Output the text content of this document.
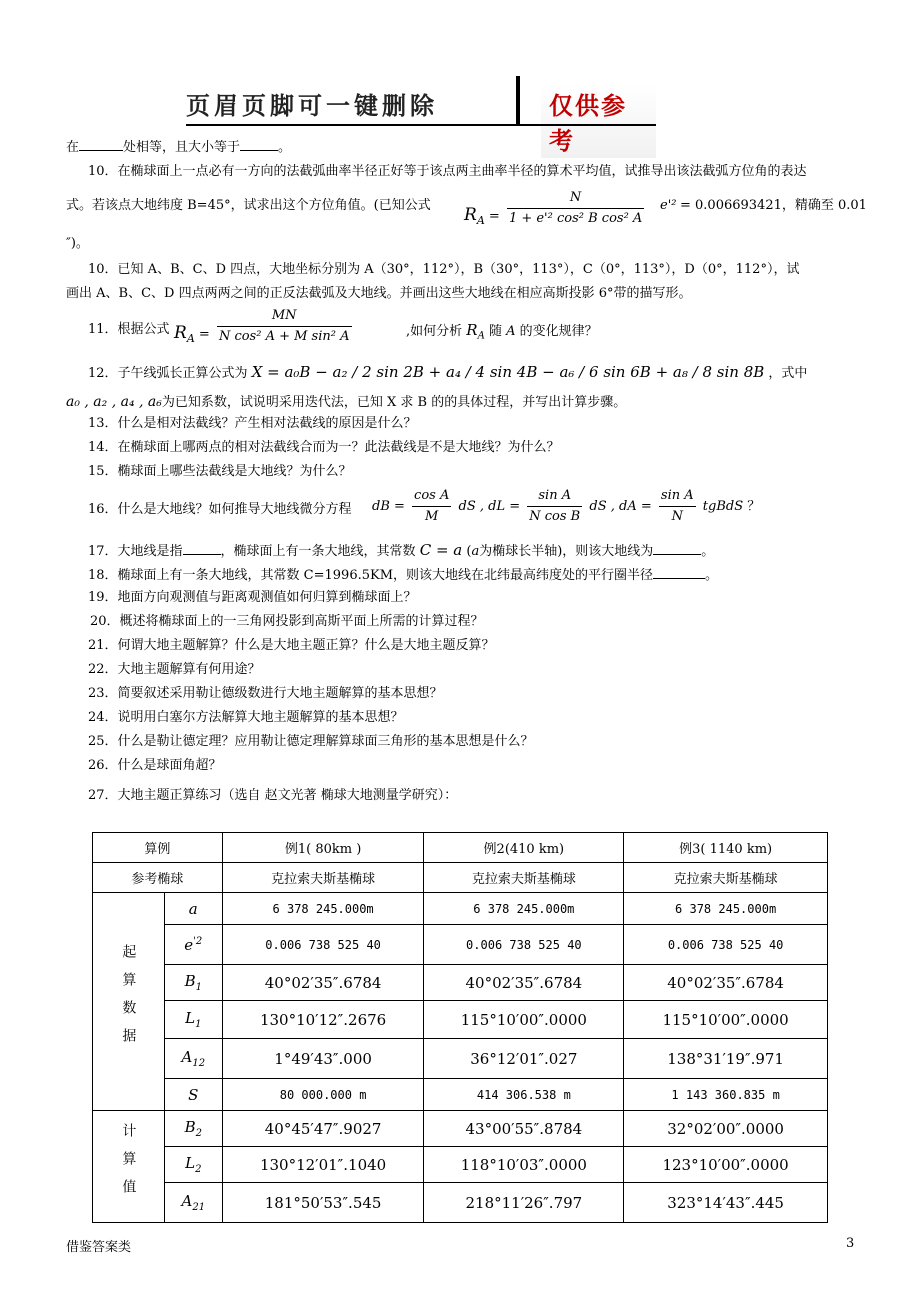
页眉页脚可一键删除	仅供参考
在	处相等，且大小等于	。
10．在椭球面上一点必有一方向的法截弧曲率半径正好等于该点两主曲率半径的算术平均值，试推导出该法截弧方位角的表达
式。若该点大地纬度 B=45°，试求出这个方位角值。(已知公式 $R_A = \frac{N}{\text{1 + e'² cos² B cos² A}} e'^2 = 0.006693421$，精确至 0.01
″)。
10．已知 A、B、C、D 四点，大地坐标分别为 A（30°，112°），B（30°，113°），C（0°，113°），D（0°，112°），试
画出 A、B、C、D 四点两两之间的正反法截弧及大地线。并画出这些大地线在相应高斯投影 6°带的描写形。
11．根据公式 $R_A = \frac{MN}{\text{N cos² A + M sin² A}}$	,如何分析 $R_A$ 随 A 的变化规律？
12．子午线弧长正算公式为 X = a₀B − a₂ / 2 sin 2B + a₄ / 4 sin 4B − a₆ / 6 sin 6B + a₈ / 8 sin 8B ，式中
a₀ , a₂ , a₄ , a₆为已知系数，试说明采用迭代法，已知 X 求 B 的的具体过程，并写出计算步骤。
13．什么是相对法截线？产生相对法截线的原因是什么？
14．在椭球面上哪两点的相对法截线合而为一？此法截线是不是大地线？为什么？
15．椭球面上哪些法截线是大地线？为什么？
16．什么是大地线？如何推导大地线微分方程 dB = $\frac{\text{cos A}}{M}$ dS , dL = $\frac{\text{sin A}}{\text{N cos B}}$ dS , dA = $\frac{\text{sin A}}{N}$ tgBdS ？
17．大地线是指	，椭球面上有一条大地线，其常数 C = a (a为椭球长半轴)，则该大地线为	。
18．椭球面上有一条大地线，其常数 C=1996.5KM，则该大地线在北纬最高纬度处的平行圈半径	。
19．地面方向观测值与距离观测值如何归算到椭球面上？
20．概述将椭球面上的一三角网投影到高斯平面上所需的计算过程？
21．何谓大地主题解算？什么是大地主题正算？什么是大地主题反算？
22．大地主题解算有何用途？
23．简要叙述采用勒让德级数进行大地主题解算的基本思想？
24．说明用白塞尔方法解算大地主题解算的基本思想？
25．什么是勒让德定理？应用勒让德定理解算球面三角形的基本思想是什么？
26．什么是球面角超？
27．大地主题正算练习（选自 赵文光著 椭球大地测量学研究）：
算例		例1( 80km )	例2(410 km)	例3( 1140 km)
参考椭球		克拉索夫斯基椭球	克拉索夫斯基椭球	克拉索夫斯基椭球
起算数据	a	6 378 245.000m	6 378 245.000m	6 378 245.000m
	$e^{'2}$	0.006 738 525 40	0.006 738 525 40	0.006 738 525 40
	$B_1$	40°02′35″.6784	40°02′35″.6784	40°02′35″.6784
	$L_1$	130°10′12″.2676	115°10′00″.0000	115°10′00″.0000
	$A_{12}$	1°49′43″.000	36°12′01″.027	138°31′19″.971
	S	80 000.000 m	414 306.538 m	1 143 360.835 m
计算值	$B_2$	40°45′47″.9027	43°00′55″.8784	32°02′00″.0000
	$L_2$	130°12′01″.1040	118°10′03″.0000	123°10′00″.0000
	$A_{21}$	181°50′53″.545	218°11′26″.797	323°14′43″.445
借鉴答案类	3
